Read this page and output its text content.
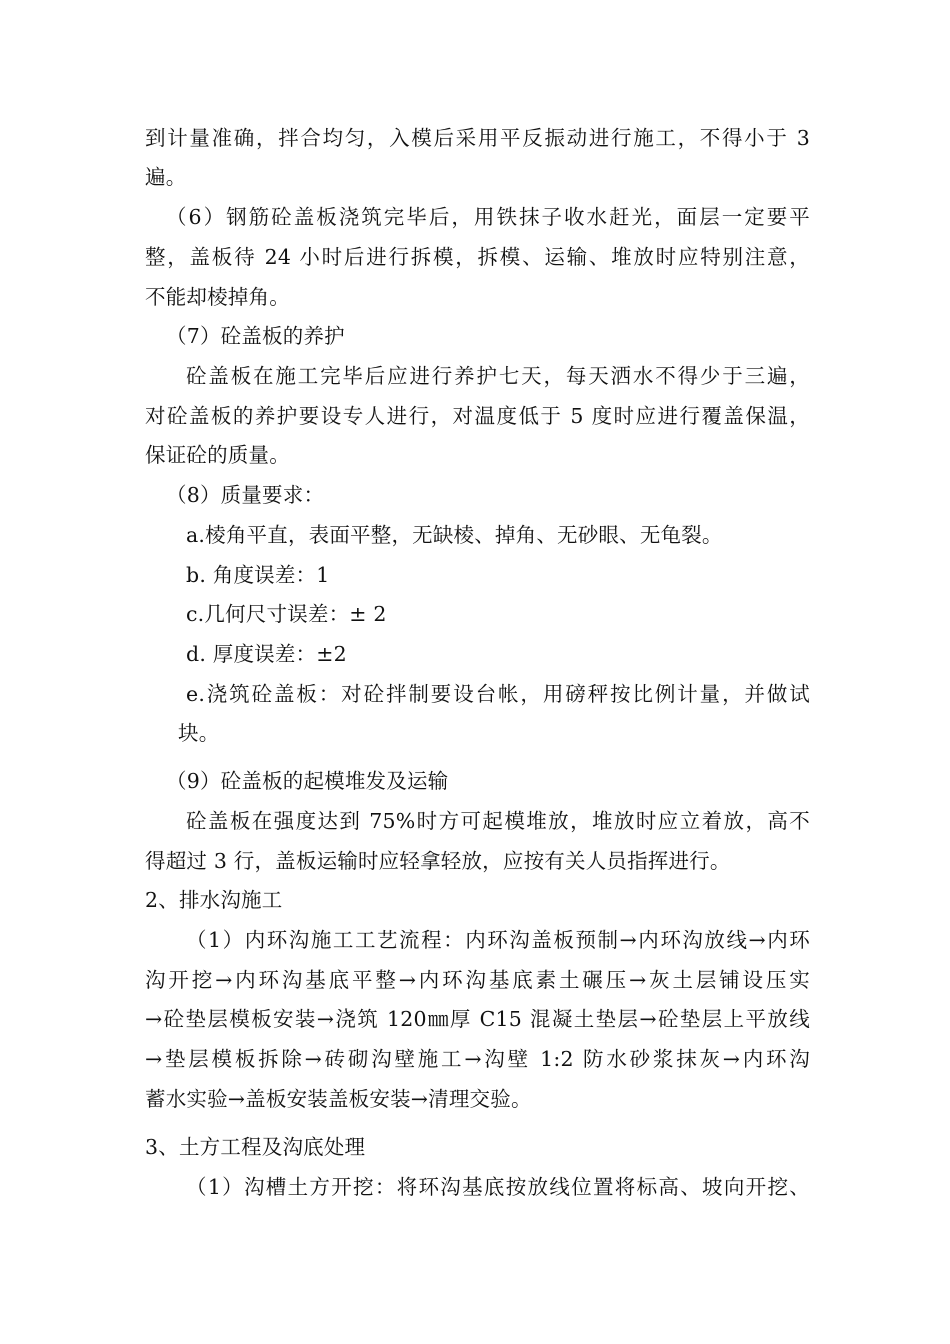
到计量准确，拌合均匀，入模后采用平反振动进行施工，不得小于 3
遍。
（6）钢筋砼盖板浇筑完毕后，用铁抹子收水赶光，面层一定要平
整，盖板待 24 小时后进行拆模，拆模、运输、堆放时应特别注意，
不能却棱掉角。
（7）砼盖板的养护
砼盖板在施工完毕后应进行养护七天，每天洒水不得少于三遍，
对砼盖板的养护要设专人进行，对温度低于 5 度时应进行覆盖保温，
保证砼的质量。
（8）质量要求：
a.棱角平直，表面平整，无缺棱、掉角、无砂眼、无龟裂。
b. 角度误差：1
c.几何尺寸误差：± 2
d. 厚度误差：±2
e.浇筑砼盖板：对砼拌制要设台帐，用磅秤按比例计量，并做试
块。
（9）砼盖板的起模堆发及运输
砼盖板在强度达到 75%时方可起模堆放，堆放时应立着放，高不
得超过 3 行，盖板运输时应轻拿轻放，应按有关人员指挥进行。
2、排水沟施工
（1）内环沟施工工艺流程：内环沟盖板预制→内环沟放线→内环
沟开挖→内环沟基底平整→内环沟基底素土碾压→灰土层铺设压实
→砼垫层模板安装→浇筑 120㎜厚 C15 混凝土垫层→砼垫层上平放线
→垫层模板拆除→砖砌沟壁施工→沟壁 1:2 防水砂浆抹灰→内环沟
蓄水实验→盖板安装盖板安装→清理交验。
3、土方工程及沟底处理
（1）沟槽土方开挖：将环沟基底按放线位置将标高、坡向开挖、
